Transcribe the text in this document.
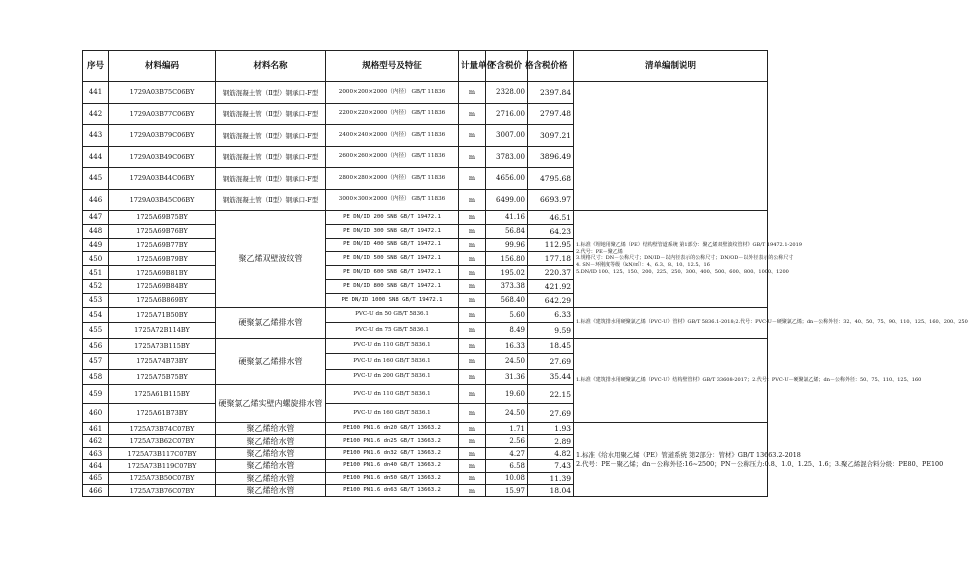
序号	材料编码	材料名称	规格型号及特征	计量单位	不含税价 格	含税价格	清单编制说明
441	1729A03B75C06BY	钢筋混凝土管（Ⅱ型）钢承口-F型	2000×200×2000（内径） GB/T 11836	m	2328.00	2397.84	
442	1729A03B77C06BY	钢筋混凝土管（Ⅱ型）钢承口-F型	2200×220×2000（内径） GB/T 11836	m	2716.00	2797.48	
443	1729A03B79C06BY	钢筋混凝土管（Ⅱ型）钢承口-F型	2400×240×2000（内径） GB/T 11836	m	3007.00	3097.21	
444	1729A03B49C06BY	钢筋混凝土管（Ⅱ型）钢承口-F型	2600×260×2000（内径） GB/T 11836	m	3783.00	3896.49	
445	1729A03B44C06BY	钢筋混凝土管（Ⅱ型）钢承口-F型	2800×280×2000（内径） GB/T 11836	m	4656.00	4795.68	
446	1729A03B45C06BY	钢筋混凝土管（Ⅱ型）钢承口-F型	3000×300×2000（内径） GB/T 11836	m	6499.00	6693.97	
447	1725A69B75BY	聚乙烯双壁波纹管	PE DN/ID 200 SN8 GB/T 19472.1	m	41.16	46.51	1.标准《埋地用聚乙烯（PE）结构壁管道系统 第1部分：聚乙烯双壁波纹管材》GB/T 19472.1-2019
2.代号：PE－聚乙烯
3.规格尺寸：DN－公称尺寸；DN/ID－以内径表示的公称尺寸；DN/OD－以外径表示的公称尺寸
4. SN－环刚度等级（kN/㎡）：4、6.3、8、10、12.5、16
5.DN/ID 100、125、150、200、225、250、300、400、500、600、800、1000、1200
448	1725A69B76BY		PE DN/ID 300 SN8 GB/T 19472.1	m	56.84	64.23	
449	1725A69B77BY		PE DN/ID 400 SN8 GB/T 19472.1	m	99.96	112.95	
450	1725A69B79BY		PE DN/ID 500 SN8 GB/T 19472.1	m	156.80	177.18	
451	1725A69B81BY		PE DN/ID 600 SN8 GB/T 19472.1	m	195.02	220.37	
452	1725A69B84BY		PE DN/ID 800 SN8 GB/T 19472.1	m	373.38	421.92	
453	1725A6B869BY		PE DN/ID 1000 SN8 GB/T 19472.1	m	568.40	642.29	
454	1725A71B50BY	硬聚氯乙烯排水管	PVC-U dn 50 GB/T 5836.1	m	5.60	6.33	1.标准《建筑排水用硬聚氯乙烯（PVC-U）管材》GB/T 5836.1-2018;2.代号：PVC-U－硬聚氯乙烯；dn－公称外径：32、40、50、75、90、110、125、160、200、250
455	1725A72B114BY		PVC-U dn 75 GB/T 5836.1	m	8.49	9.59	
456	1725A73B115BY	硬聚氯乙烯排水管	PVC-U dn 110 GB/T 5836.1	m	16.33	18.45	1.标准《建筑排水用硬聚氯乙烯（PVC-U）结构壁管材》GB/T 33608-2017；2.代号：PVC-U－硬聚氯乙烯；dn－公称外径：50、75、110、125、160
457	1725A74B73BY		PVC-U dn 160 GB/T 5836.1	m	24.50	27.69	
458	1725A75B75BY		PVC-U dn 200 GB/T 5836.1	m	31.36	35.44	
459	1725A61B115BY	硬聚氯乙烯实壁内螺旋排水管	PVC-U dn 110 GB/T 5836.1	m	19.60	22.15	
460	1725A61B73BY		PVC-U dn 160 GB/T 5836.1	m	24.50	27.69	
461	1725A73B74C07BY	聚乙烯给水管	PE100 PN1.6 dn20 GB/T 13663.2	m	1.71	1.93	1.标准《给水用聚乙烯（PE）管道系统 第2部分：管材》GB/T 13663.2-2018
2.代号：PE－聚乙烯；dn－公称外径:16~2500；PN－公称压力:0.8、1.0、1.25、1.6；3.聚乙烯混合料分级：PE80、PE100
462	1725A73B62C07BY	聚乙烯给水管	PE100 PN1.6 dn25 GB/T 13663.2	m	2.56	2.89	
463	1725A73B117C07BY	聚乙烯给水管	PE100 PN1.6 dn32 GB/T 13663.2	m	4.27	4.82	
464	1725A73B119C07BY	聚乙烯给水管	PE100 PN1.6 dn40 GB/T 13663.2	m	6.58	7.43	
465	1725A73B50C07BY	聚乙烯给水管	PE100 PN1.6 dn50 GB/T 13663.2	m	10.08	11.39	
466	1725A73B76C07BY	聚乙烯给水管	PE100 PN1.6 dn63 GB/T 13663.2	m	15.97	18.04	
